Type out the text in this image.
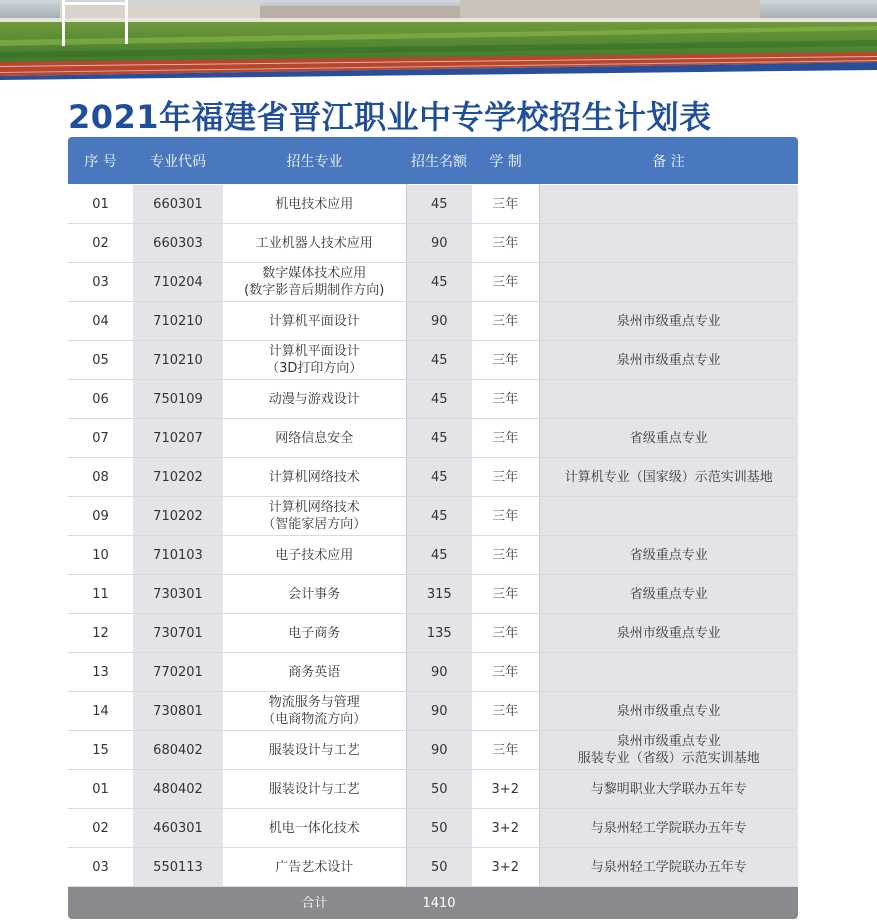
2021年福建省晋江职业中专学校招生计划表
序 号	专业代码	招生专业	招生名额	学 制	备 注
01	660301	机电技术应用	45	三年	
02	660303	工业机器人技术应用	90	三年	
03	710204	数字媒体技术应用
(数字影音后期制作方向)	45	三年	
04	710210	计算机平面设计	90	三年	泉州市级重点专业
05	710210	计算机平面设计
（3D打印方向）	45	三年	泉州市级重点专业
06	750109	动漫与游戏设计	45	三年	
07	710207	网络信息安全	45	三年	省级重点专业
08	710202	计算机网络技术	45	三年	计算机专业（国家级）示范实训基地
09	710202	计算机网络技术
（智能家居方向）	45	三年	
10	710103	电子技术应用	45	三年	省级重点专业
11	730301	会计事务	315	三年	省级重点专业
12	730701	电子商务	135	三年	泉州市级重点专业
13	770201	商务英语	90	三年	
14	730801	物流服务与管理
（电商物流方向）	90	三年	泉州市级重点专业
15	680402	服装设计与工艺	90	三年	泉州市级重点专业
服装专业（省级）示范实训基地
01	480402	服装设计与工艺	50	3+2	与黎明职业大学联办五年专
02	460301	机电一体化技术	50	3+2	与泉州轻工学院联办五年专
03	550113	广告艺术设计	50	3+2	与泉州轻工学院联办五年专
		合计	1410		
